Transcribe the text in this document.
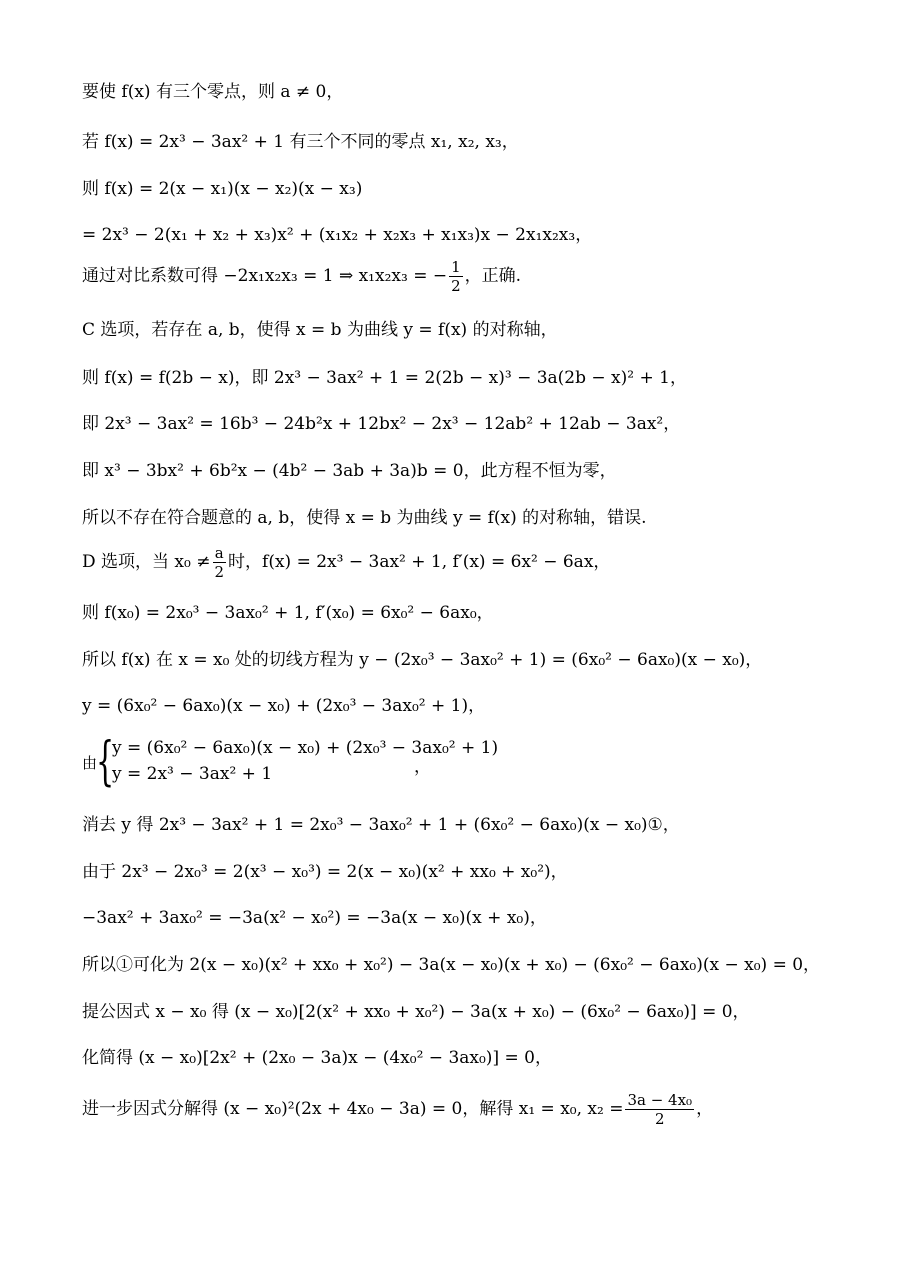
要使 f(x) 有三个零点，则 a ≠ 0，
若 f(x) = 2x³ − 3ax² + 1 有三个不同的零点 x₁, x₂, x₃，
则 f(x) = 2(x − x₁)(x − x₂)(x − x₃)
= 2x³ − 2(x₁ + x₂ + x₃)x² + (x₁x₂ + x₂x₃ + x₁x₃)x − 2x₁x₂x₃，
通过对比系数可得 −2x₁x₂x₃ = 1 ⇒ x₁x₂x₃ = − $\frac{1}{2}$ ，正确.
C 选项，若存在 a, b，使得 x = b 为曲线 y = f(x) 的对称轴，
则 f(x) = f(2b − x)，即 2x³ − 3ax² + 1 = 2(2b − x)³ − 3a(2b − x)² + 1，
即 2x³ − 3ax² = 16b³ − 24b²x + 12bx² − 2x³ − 12ab² + 12ab − 3ax²，
即 x³ − 3bx² + 6b²x − (4b² − 3ab + 3a)b = 0，此方程不恒为零，
所以不存在符合题意的 a, b，使得 x = b 为曲线 y = f(x) 的对称轴，错误.
D 选项，当 $x_0 \ne \frac{a}{2}$ 时，f(x) = 2x³ − 3ax² + 1, f′(x) = 6x² − 6ax，
则 f(x₀) = 2x₀³ − 3ax₀² + 1, f′(x₀) = 6x₀² − 6ax₀，
所以 f(x) 在 x = x₀ 处的切线方程为 y − (2x₀³ − 3ax₀² + 1) = (6x₀² − 6ax₀)(x − x₀)，
y = (6x₀² − 6ax₀)(x − x₀) + (2x₀³ − 3ax₀² + 1)，
由
{
y = (6x₀² − 6ax₀)(x − x₀) + (2x₀³ − 3ax₀² + 1)
y = 2x³ − 3ax² + 1	，
消去 y 得 2x³ − 3ax² + 1 = 2x₀³ − 3ax₀² + 1 + (6x₀² − 6ax₀)(x − x₀)①，
由于 2x³ − 2x₀³ = 2(x³ − x₀³) = 2(x − x₀)(x² + xx₀ + x₀²)，
−3ax² + 3ax₀² = −3a(x² − x₀²) = −3a(x − x₀)(x + x₀)，
所以①可化为 2(x − x₀)(x² + xx₀ + x₀²) − 3a(x − x₀)(x + x₀) − (6x₀² − 6ax₀)(x − x₀) = 0，
提公因式 x − x₀ 得 (x − x₀)[2(x² + xx₀ + x₀²) − 3a(x + x₀) − (6x₀² − 6ax₀)] = 0，
化简得 (x − x₀)[2x² + (2x₀ − 3a)x − (4x₀² − 3ax₀)] = 0，
进一步因式分解得 (x − x₀)²(2x + 4x₀ − 3a) = 0，解得 x₁ = x₀, $x_2 = \frac{\text{3a − 4x₀}}{2}$ ，
